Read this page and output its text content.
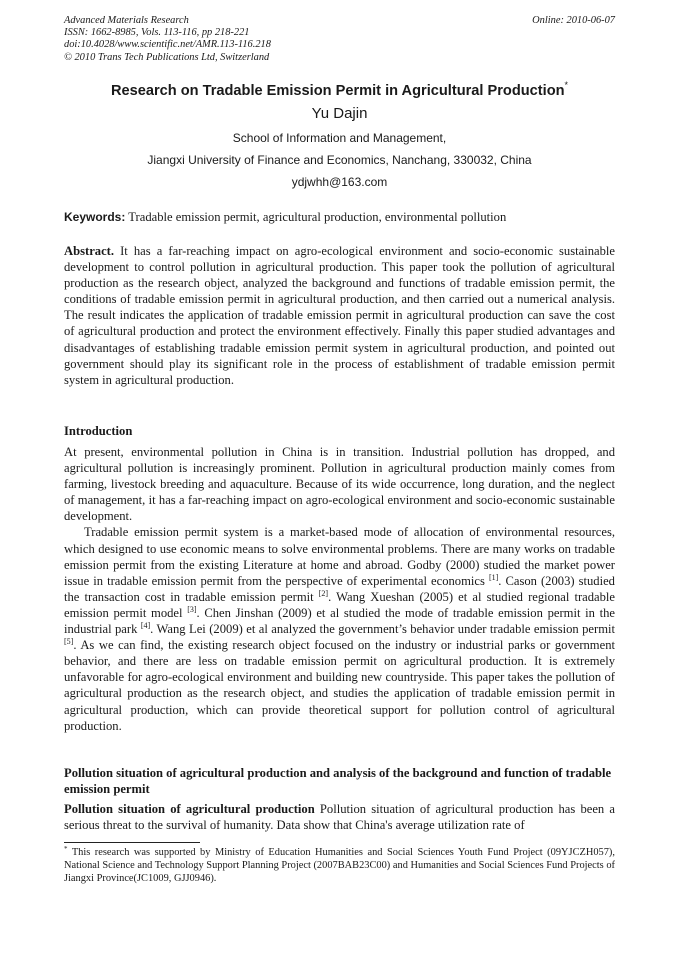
Advanced Materials Research
ISSN: 1662-8985, Vols. 113-116, pp 218-221
doi:10.4028/www.scientific.net/AMR.113-116.218
© 2010 Trans Tech Publications Ltd, Switzerland
Online: 2010-06-07
Research on Tradable Emission Permit in Agricultural Production*
Yu Dajin
School of Information and Management,
Jiangxi University of Finance and Economics, Nanchang, 330032, China
ydjwhh@163.com

Keywords: Tradable emission permit, agricultural production, environmental pollution

Abstract. It has a far-reaching impact on agro-ecological environment and socio-economic sustainable development to control pollution in agricultural production. This paper took the pollution of agricultural production as the research object, analyzed the background and functions of tradable emission permit, the conditions of tradable emission permit in agricultural production, and then carried out a numerical analysis. The result indicates the application of tradable emission permit in agricultural production can save the cost of agricultural production and protect the environment effectively. Finally this paper studied advantages and disadvantages of establishing tradable emission permit system in agricultural production, and pointed out government should play its significant role in the process of establishment of tradable emission permit system in agricultural production.

Introduction

At present, environmental pollution in China is in transition. Industrial pollution has dropped, and agricultural pollution is increasingly prominent. Pollution in agricultural production mainly comes from farming, livestock breeding and aquaculture. Because of its wide occurrence, long duration, and the neglect of management, it has a far-reaching impact on agro-ecological environment and socio-economic sustainable development.

Tradable emission permit system is a market-based mode of allocation of environmental resources, which designed to use economic means to solve environmental problems. There are many works on tradable emission permit from the existing Literature at home and abroad. Godby (2000) studied the market power issue in tradable emission permit from the perspective of experimental economics [1]. Cason (2003) studied the transaction cost in tradable emission permit [2]. Wang Xueshan (2005) et al studied regional tradable emission permit model [3]. Chen Jinshan (2009) et al studied the mode of tradable emission permit in the industrial park [4]. Wang Lei (2009) et al analyzed the government’s behavior under tradable emission permit [5]. As we can find, the existing research object focused on the industry or industrial parks or government behavior, and there are less on tradable emission permit on agricultural production. It is extremely unfavorable for agro-ecological environment and building new countryside. This paper takes the pollution of agricultural production as the research object, and studies the application of tradable emission permit in agricultural production, which can provide theoretical support for pollution control of agricultural production.

Pollution situation of agricultural production and analysis of the background and function of tradable emission permit

Pollution situation of agricultural production Pollution situation of agricultural production has been a serious threat to the survival of humanity. Data show that China's average utilization rate of

* This research was supported by Ministry of Education Humanities and Social Sciences Youth Fund Project (09YJCZH057), National Science and Technology Support Planning Project (2007BAB23C00) and Humanities and Social Sciences Fund Projects of Jiangxi Province(JC1009, GJJ0946).
